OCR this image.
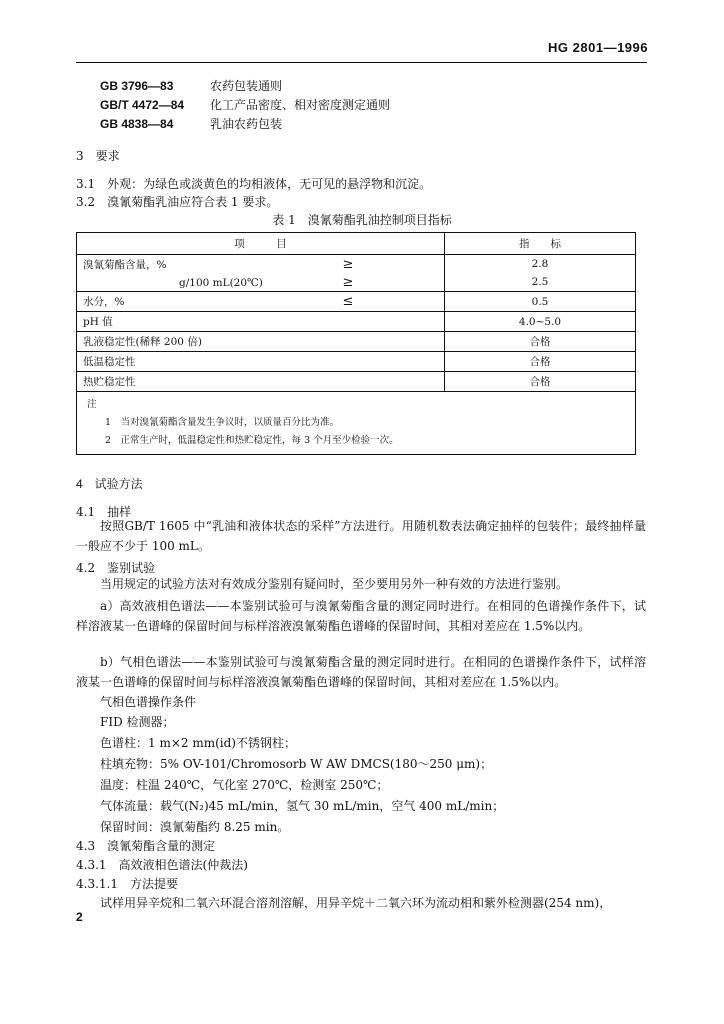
HG 2801—1996
GB 3796—83	农药包装通则
GB/T 4472—84 化工产品密度、相对密度测定通则
GB 4838—84	乳油农药包装
3　要求
3.1　外观：为绿色或淡黄色的均相液体，无可见的悬浮物和沉淀。
3.2　溴氰菊酯乳油应符合表 1 要求。
表 1　溴氰菊酯乳油控制项目指标
项　　　目	指　　标
溴氰菊酯含量，% ≥	2.8
g/100 mL(20℃) ≥	2.5
水分，% ≤	0.5
pH 值	4.0~5.0
乳液稳定性(稀释 200 倍)	合格
低温稳定性	合格
热贮稳定性	合格

注
1　当对溴氰菊酯含量发生争议时，以质量百分比为准。
2　正常生产时，低温稳定性和热贮稳定性，每 3 个月至少检验一次。	
4　试验方法
4.1　抽样
按照GB/T 1605 中“乳油和液体状态的采样”方法进行。用随机数表法确定抽样的包装件；最终抽样量一般应不少于 100 mL。
4.2　鉴别试验
当用规定的试验方法对有效成分鉴别有疑问时，至少要用另外一种有效的方法进行鉴别。
a）高效液相色谱法——本鉴别试验可与溴氰菊酯含量的测定同时进行。在相同的色谱操作条件下，试样溶液某一色谱峰的保留时间与标样溶液溴氰菊酯色谱峰的保留时间，其相对差应在 1.5%以内。
b）气相色谱法——本鉴别试验可与溴氰菊酯含量的测定同时进行。在相同的色谱操作条件下，试样溶液某一色谱峰的保留时间与标样溶液溴氰菊酯色谱峰的保留时间，其相对差应在 1.5%以内。
气相色谱操作条件
FID 检测器；
色谱柱：1 m×2 mm(id)不锈钢柱；
柱填充物：5% OV-101/Chromosorb W AW DMCS(180～250 μm)；
温度：柱温 240℃，气化室 270℃，检测室 250℃；
气体流量：载气(N₂)45 mL/min，氢气 30 mL/min，空气 400 mL/min；
保留时间：溴氰菊酯约 8.25 min。
4.3　溴氰菊酯含量的测定
4.3.1　高效液相色谱法(仲裁法)
4.3.1.1　方法提要
试样用异辛烷和二氧六环混合溶剂溶解，用异辛烷＋二氧六环为流动相和紫外检测器(254 nm)，
2
